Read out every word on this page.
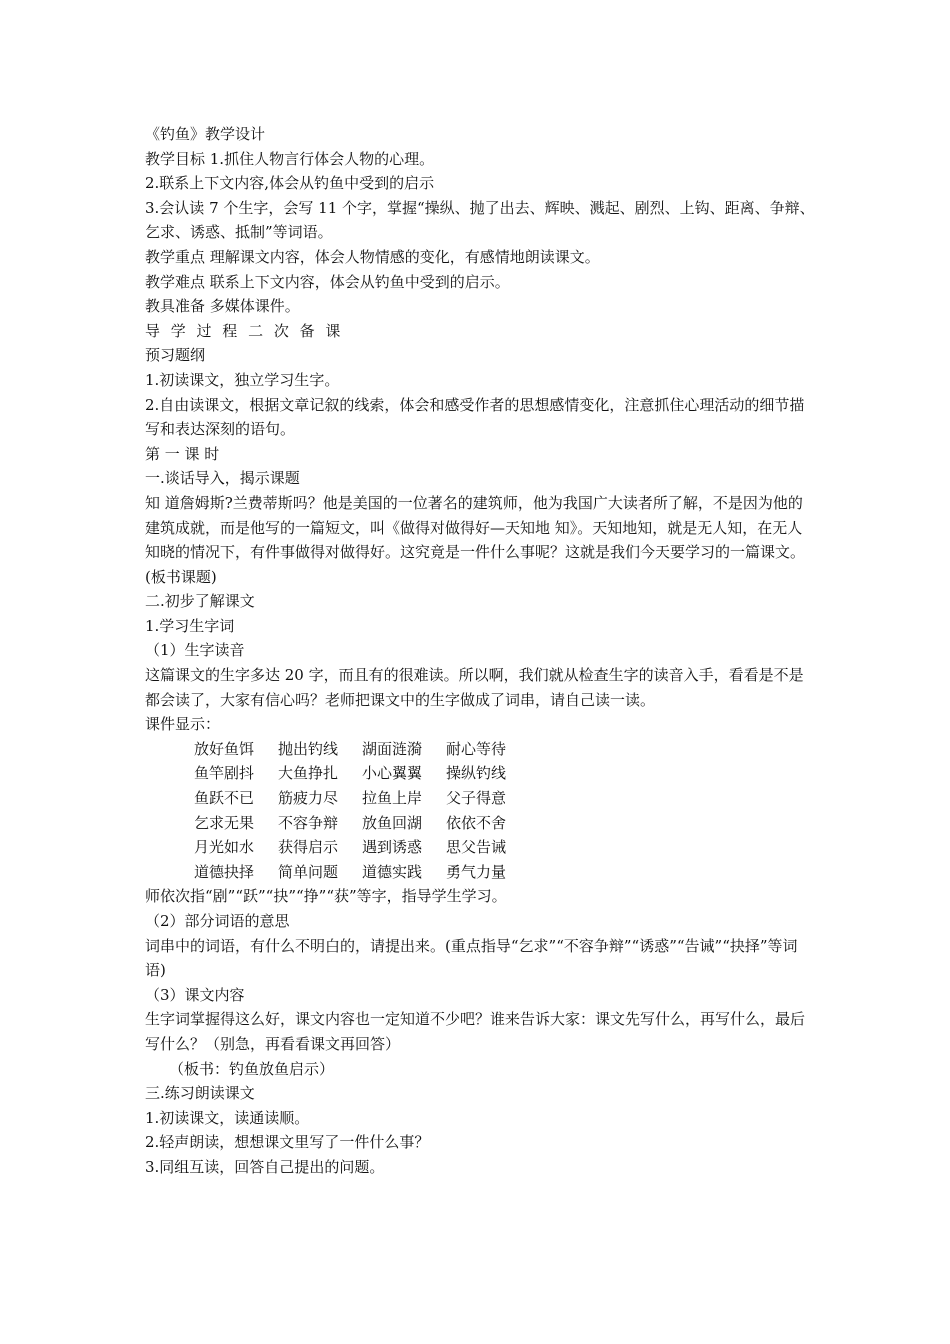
《钓鱼》教学设计
教学目标 1.抓住人物言行体会人物的心理。
2.联系上下文内容,体会从钓鱼中受到的启示
3.会认读 7 个生字，会写 11 个字，掌握“操纵、抛了出去、辉映、溅起、剧烈、上钩、距离、争辩、乞求、诱惑、抵制”等词语。
教学重点 理解课文内容，体会人物情感的变化，有感情地朗读课文。
教学难点 联系上下文内容，体会从钓鱼中受到的启示。
教具准备 多媒体课件。
导 学 过 程 二 次 备 课
预习题纲
1.初读课文，独立学习生字。
2.自由读课文，根据文章记叙的线索，体会和感受作者的思想感情变化，注意抓住心理活动的细节描写和表达深刻的语句。
第 一 课 时
一.谈话导入，揭示课题
知 道詹姆斯?兰费蒂斯吗？他是美国的一位著名的建筑师，他为我国广大读者所了解，不是因为他的建筑成就，而是他写的一篇短文，叫《做得对做得好—天知地 知》。天知地知，就是无人知，在无人知晓的情况下，有件事做得对做得好。这究竟是一件什么事呢？这就是我们今天要学习的一篇课文。
(板书课题)
二.初步了解课文
1.学习生字词
（1）生字读音
这篇课文的生字多达 20 字，而且有的很难读。所以啊，我们就从检查生字的读音入手，看看是不是都会读了，大家有信心吗？老师把课文中的生字做成了词串，请自己读一读。
课件显示：
放好鱼饵 抛出钓线 湖面涟漪 耐心等待
鱼竿剧抖 大鱼挣扎 小心翼翼 操纵钓线
鱼跃不已 筋疲力尽 拉鱼上岸 父子得意
乞求无果 不容争辩 放鱼回湖 依依不舍
月光如水 获得启示 遇到诱惑 思父告诫
道德抉择 简单问题 道德实践 勇气力量
师依次指“剧”“跃”“抉”“挣”“获”等字，指导学生学习。
（2）部分词语的意思
词串中的词语，有什么不明白的，请提出来。(重点指导“乞求”“不容争辩”“诱惑”“告诫”“抉择”等词语)
（3）课文内容
生字词掌握得这么好，课文内容也一定知道不少吧？谁来告诉大家：课文先写什么，再写什么，最后写什么？（别急，再看看课文再回答）
（板书：钓鱼放鱼启示）
三.练习朗读课文
1.初读课文，读通读顺。
2.轻声朗读，想想课文里写了一件什么事？
3.同组互读，回答自己提出的问题。
